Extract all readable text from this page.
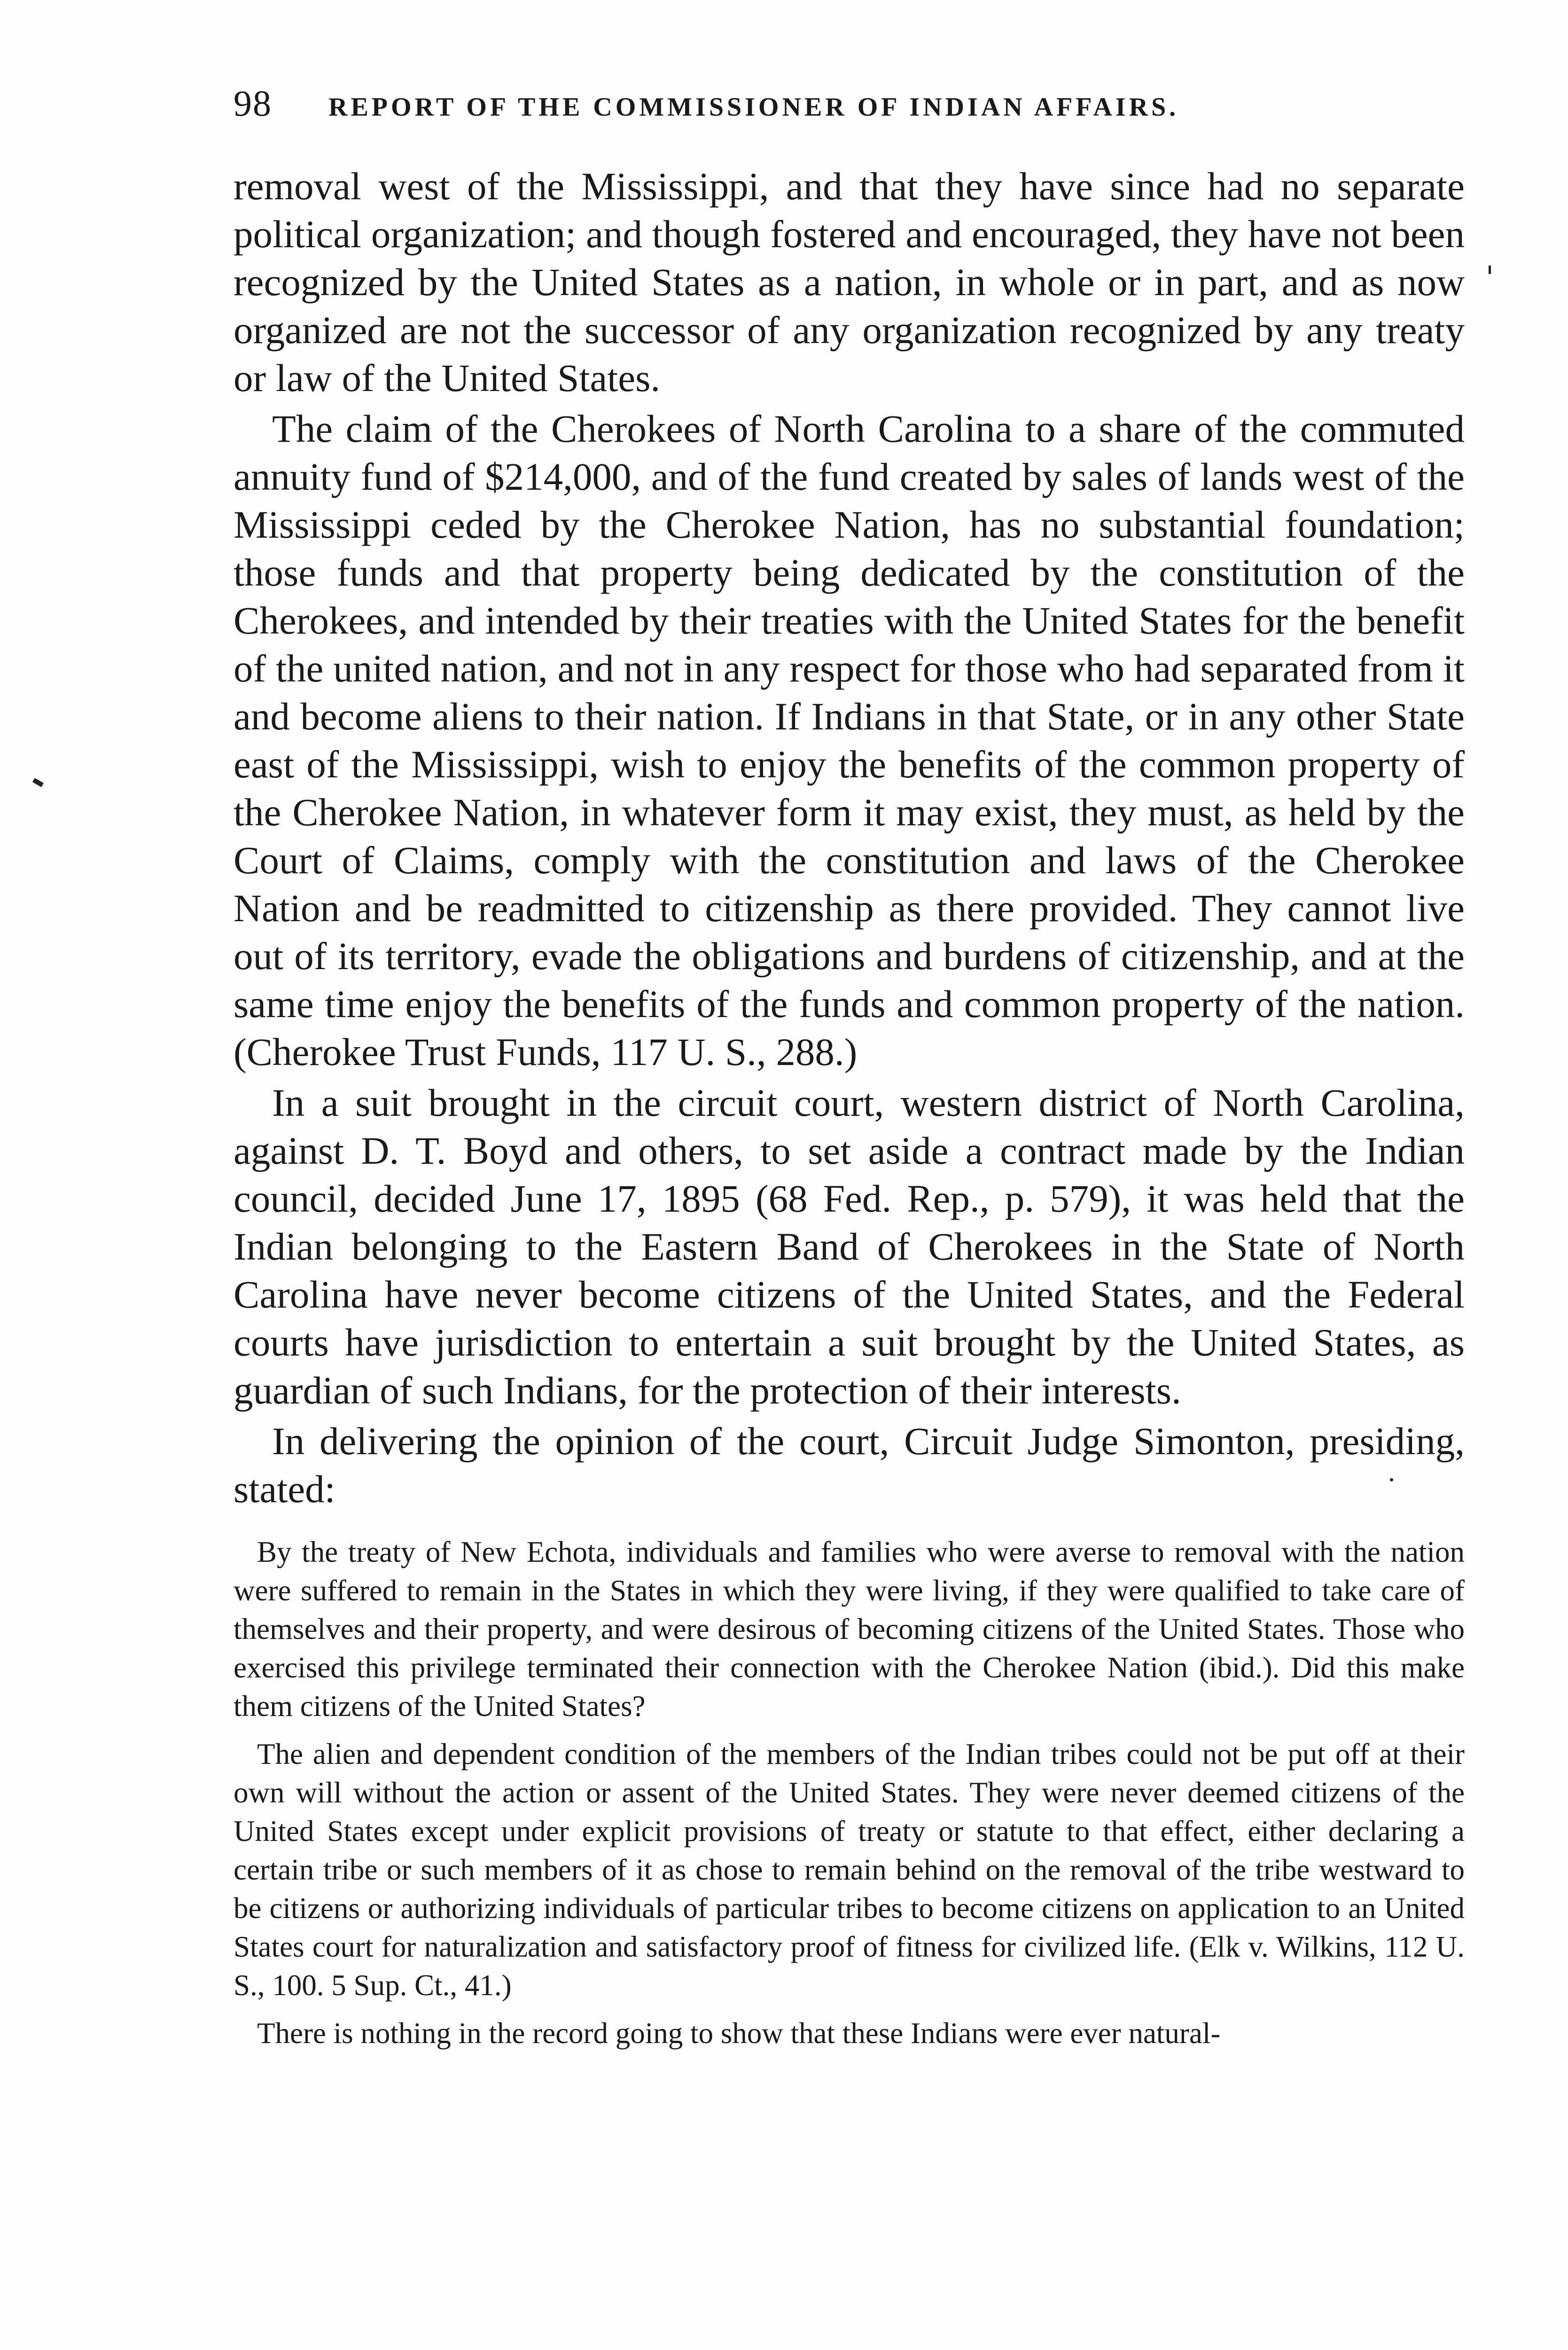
98 REPORT OF THE COMMISSIONER OF INDIAN AFFAIRS.

removal west of the Mississippi, and that they have since had no separate political organization; and though fostered and encouraged, they have not been recognized by the United States as a nation, in whole or in part, and as now organized are not the successor of any organization recognized by any treaty or law of the United States.

The claim of the Cherokees of North Carolina to a share of the commuted annuity fund of $214,000, and of the fund created by sales of lands west of the Mississippi ceded by the Cherokee Nation, has no substantial foundation; those funds and that property being dedicated by the constitution of the Cherokees, and intended by their treaties with the United States for the benefit of the united nation, and not in any respect for those who had separated from it and become aliens to their nation. If Indians in that State, or in any other State east of the Mississippi, wish to enjoy the benefits of the common property of the Cherokee Nation, in whatever form it may exist, they must, as held by the Court of Claims, comply with the constitution and laws of the Cherokee Nation and be readmitted to citizenship as there provided. They cannot live out of its territory, evade the obligations and burdens of citizenship, and at the same time enjoy the benefits of the funds and common property of the nation. (Cherokee Trust Funds, 117 U. S., 288.)

In a suit brought in the circuit court, western district of North Carolina, against D. T. Boyd and others, to set aside a contract made by the Indian council, decided June 17, 1895 (68 Fed. Rep., p. 579), it was held that the Indian belonging to the Eastern Band of Cherokees in the State of North Carolina have never become citizens of the United States, and the Federal courts have jurisdiction to entertain a suit brought by the United States, as guardian of such Indians, for the protection of their interests.

In delivering the opinion of the court, Circuit Judge Simonton, presiding, stated:

By the treaty of New Echota, individuals and families who were averse to removal with the nation were suffered to remain in the States in which they were living, if they were qualified to take care of themselves and their property, and were desirous of becoming citizens of the United States. Those who exercised this privilege terminated their connection with the Cherokee Nation (ibid.). Did this make them citizens of the United States?

The alien and dependent condition of the members of the Indian tribes could not be put off at their own will without the action or assent of the United States. They were never deemed citizens of the United States except under explicit provisions of treaty or statute to that effect, either declaring a certain tribe or such members of it as chose to remain behind on the removal of the tribe westward to be citizens or authorizing individuals of particular tribes to become citizens on application to an United States court for naturalization and satisfactory proof of fitness for civilized life. (Elk v. Wilkins, 112 U. S., 100. 5 Sup. Ct., 41.)

There is nothing in the record going to show that these Indians were ever natural-
